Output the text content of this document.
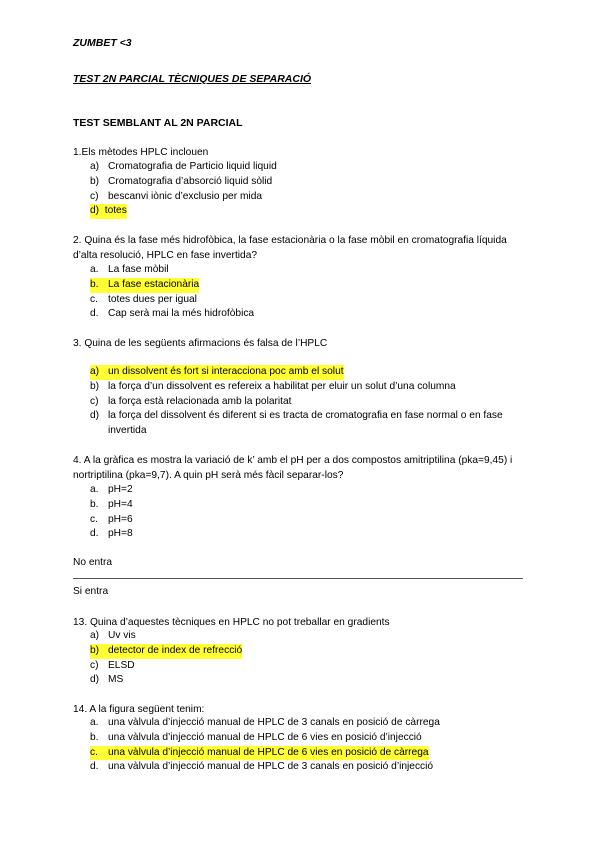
ZUMBET <3
TEST 2N PARCIAL TÈCNIQUES DE SEPARACIÓ
TEST SEMBLANT AL 2N PARCIAL
1.Els mètodes HPLC inclouen
a) Cromatografia de Particio liquid liquid
b) Cromatografia d’absorció liquid sòlid
c) bescanvi iònic d’exclusio per mida
d) totes
2. Quina és la fase més hidrofòbica, la fase estacionària o la fase mòbil en cromatografia líquida d’alta resolució, HPLC en fase invertida?
a. La fase mòbil
b. La fase estacionària
c. totes dues per igual
d. Cap serà mai la més hidrofòbica
3. Quina de les següents afirmacions és falsa de l’HPLC
a) un dissolvent és fort si interacciona poc amb el solut
b) la força d’un dissolvent es refereix a habilitat per eluir un solut d’una columna
c) la força està relacionada amb la polaritat
d) la força del dissolvent és diferent si es tracta de cromatografia en fase normal o en fase invertida
4. A la gràfica es mostra la variació de k’ amb el pH per a dos compostos amitriptilina (pka=9,45) i nortriptilina (pka=9,7). A quin pH serà més fàcil separar-los?
a. pH=2
b. pH=4
c. pH=6
d. pH=8
No entra
Si entra
13. Quina d’aquestes tècniques en HPLC no pot treballar en gradients
a) Uv vis
b) detector de index de refrecció
c) ELSD
d) MS
14. A la figura següent tenim:
a. una vàlvula d’injecció manual de HPLC de 3 canals en posició de càrrega
b. una vàlvula d’injecció manual de HPLC de 6 vies en posició d’injecció
c. una vàlvula d’injecció manual de HPLC de 6 vies en posició de càrrega
d. una vàlvula d’injecció manual de HPLC de 3 canals en posició d’injecció
